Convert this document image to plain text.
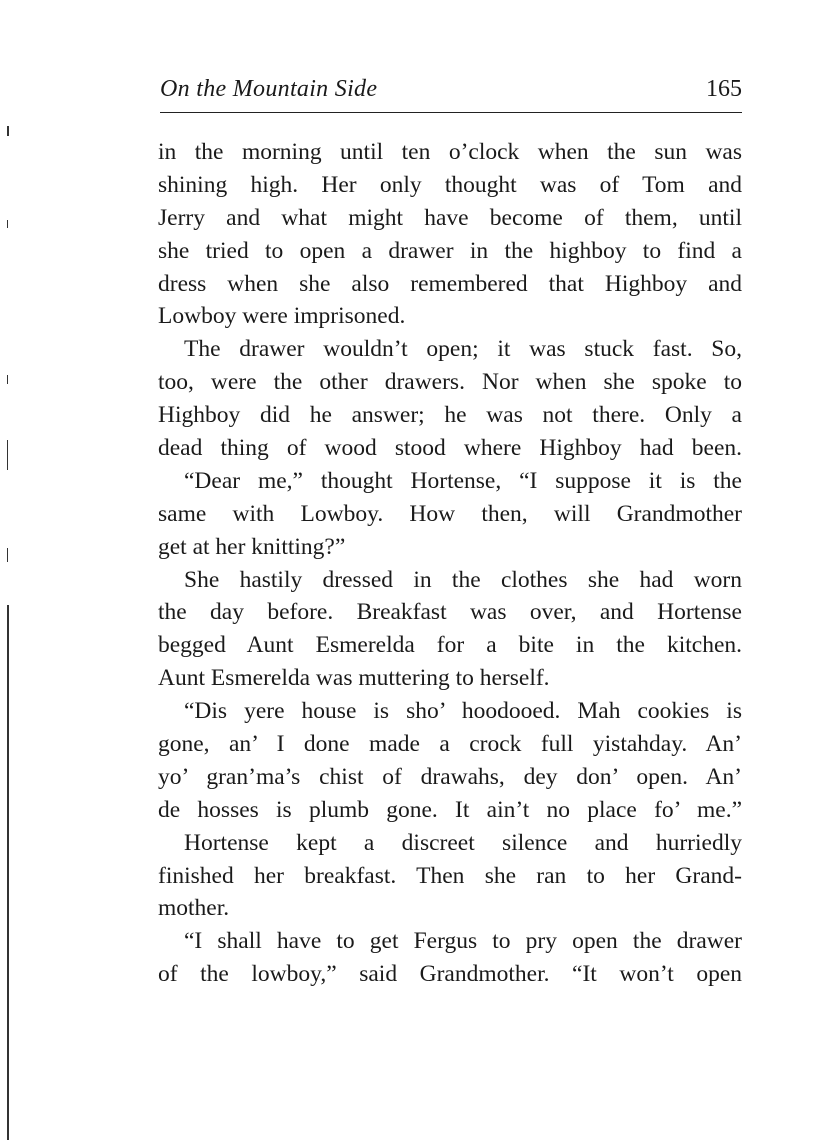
On the Mountain Side	165
in the morning until ten o’clock when the sun was
shining high. Her only thought was of Tom and
Jerry and what might have become of them, until
she tried to open a drawer in the highboy to find a
dress when she also remembered that Highboy and
Lowboy were imprisoned.
The drawer wouldn’t open; it was stuck fast. So,
too, were the other drawers. Nor when she spoke to
Highboy did he answer; he was not there. Only a
dead thing of wood stood where Highboy had been.
“Dear me,” thought Hortense, “I suppose it is the
same with Lowboy. How then, will Grandmother
get at her knitting?”
She hastily dressed in the clothes she had worn
the day before. Breakfast was over, and Hortense
begged Aunt Esmerelda for a bite in the kitchen.
Aunt Esmerelda was muttering to herself.
“Dis yere house is sho’ hoodooed. Mah cookies is
gone, an’ I done made a crock full yistahday. An’
yo’ gran’ma’s chist of drawahs, dey don’ open. An’
de hosses is plumb gone. It ain’t no place fo’ me.”
Hortense kept a discreet silence and hurriedly
finished her breakfast. Then she ran to her Grand-
mother.
“I shall have to get Fergus to pry open the drawer
of the lowboy,” said Grandmother. “It won’t open
